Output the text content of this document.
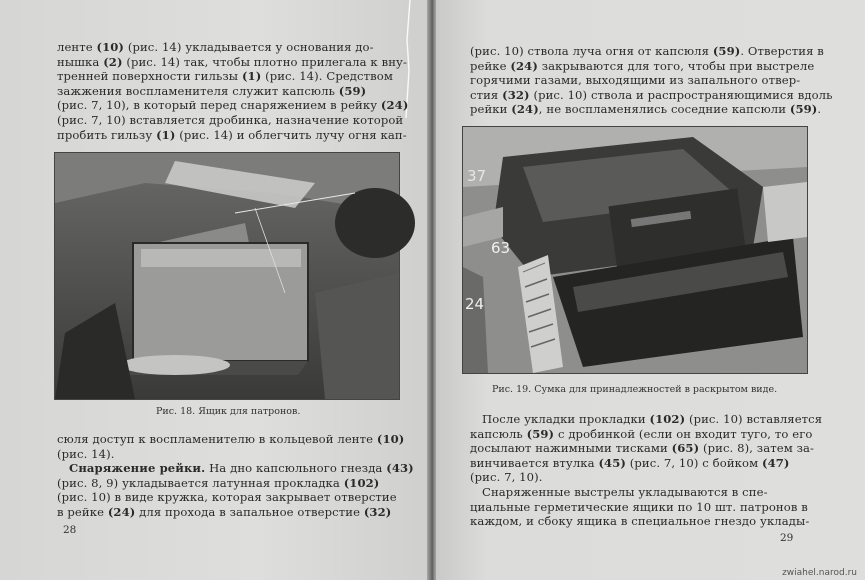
ленте (10) (рис. 14) укладывается у основания до-
нышка (2) (рис. 14) так, чтобы плотно прилегала к вну-
тренней поверхности гильзы (1) (рис. 14). Средством
зажжения воспламенителя служит капсюль (59)
(рис. 7, 10), в который перед снаряжением в рейку (24)
(рис. 7, 10) вставляется дробинка, назначение которой
пробить гильзу (1) (рис. 14) и облегчить лучу огня кап-
Рис. 18. Ящик для патронов.
сюля доступ к воспламенителю в кольцевой ленте (10)
(рис. 14).
Снаряжение рейки. На дно капсюльного гнезда (43)
(рис. 8, 9) укладывается латунная прокладка (102)
(рис. 10) в виде кружка, которая закрывает отверстие
в рейке (24) для прохода в запальное отверстие (32)
28
(рис. 10) ствола луча огня от капсюля (59). Отверстия в
рейке (24) закрываются для того, чтобы при выстреле
горячими газами, выходящими из запального отвер-
стия (32) (рис. 10) ствола и распространяющимися вдоль
рейки (24), не воспламенялись соседние капсюли (59).
37
63
24
Рис. 19. Сумка для принадлежностей в раскрытом виде.
После укладки прокладки (102) (рис. 10) вставляется
капсюль (59) с дробинкой (если он входит туго, то его
досылают нажимными тисками (65) (рис. 8), затем за-
винчивается втулка (45) (рис. 7, 10) с бойком (47)
(рис. 7, 10).
Снаряженные выстрелы укладываются в спе-
циальные герметические ящики по 10 шт. патронов в
каждом, и сбоку ящика в специальное гнездо уклады-
29
zwiahel.narod.ru
